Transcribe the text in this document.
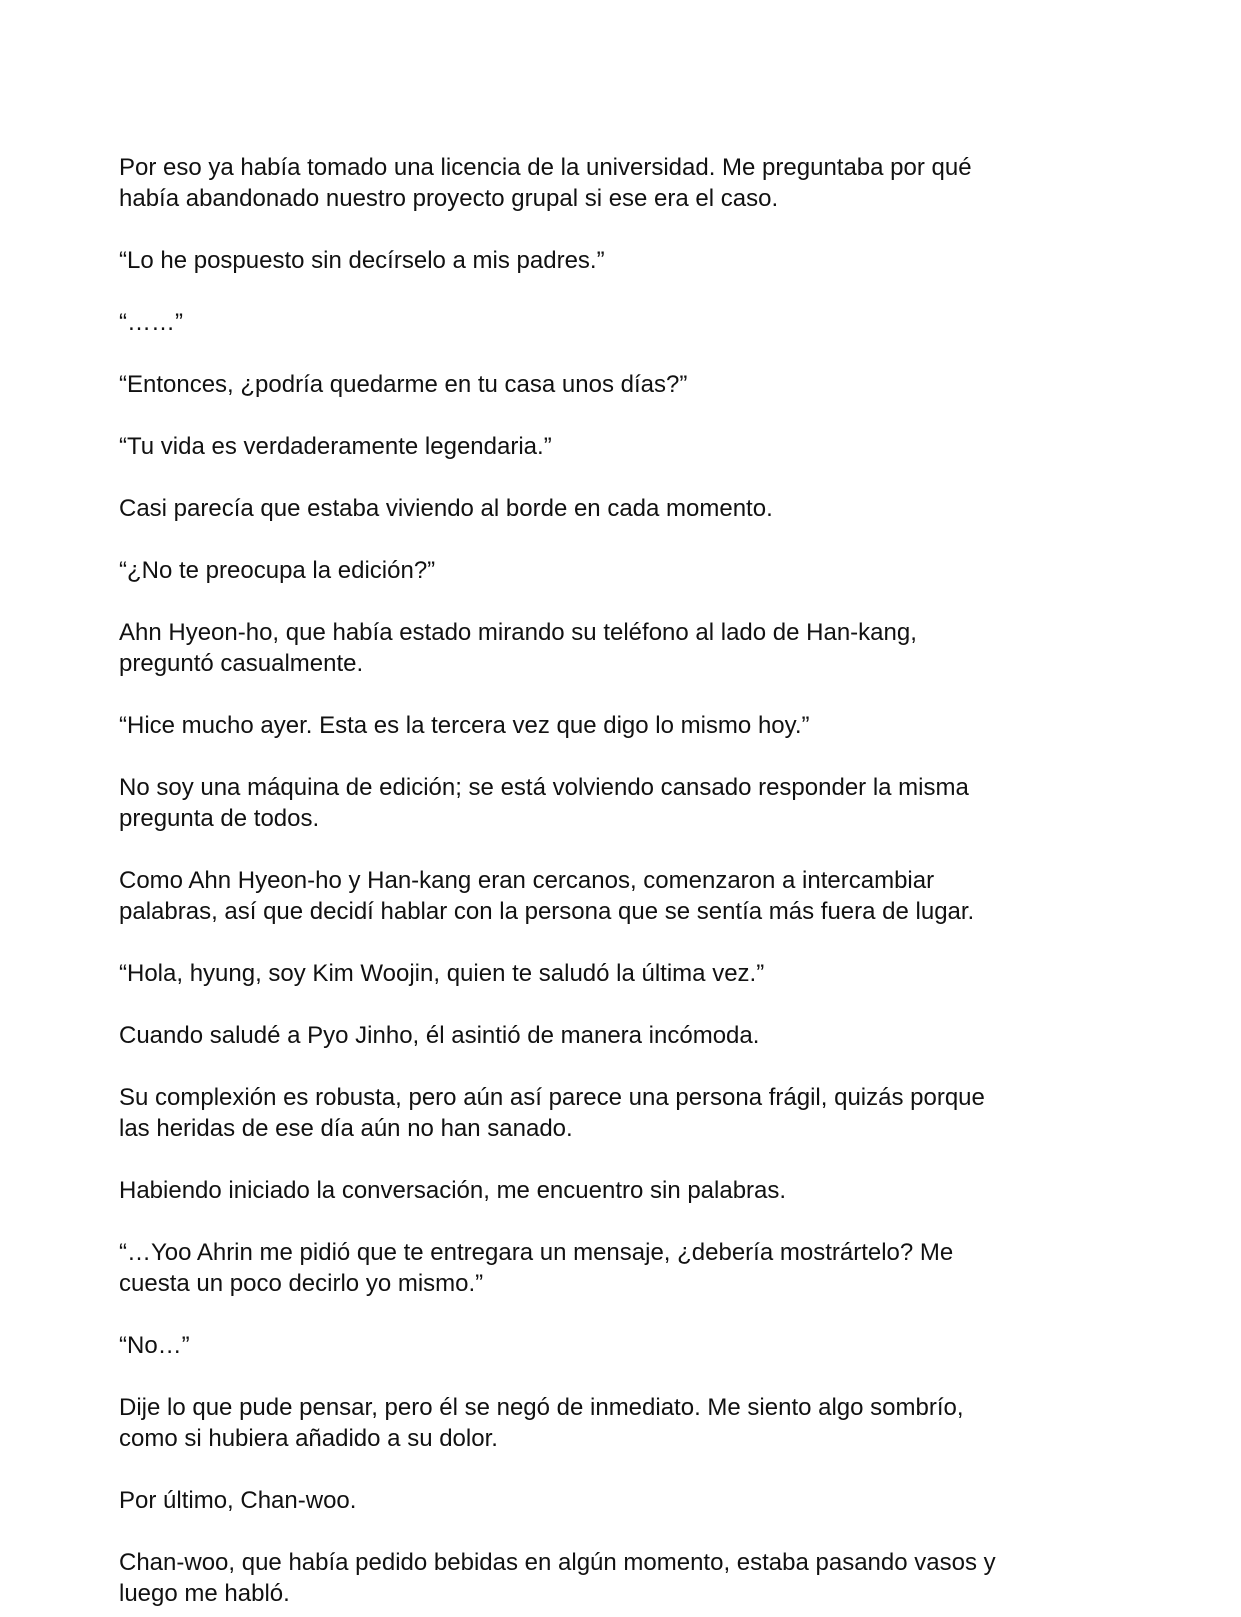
Por eso ya había tomado una licencia de la universidad. Me preguntaba por qué
había abandonado nuestro proyecto grupal si ese era el caso.

“Lo he pospuesto sin decírselo a mis padres.”

“……”

“Entonces, ¿podría quedarme en tu casa unos días?”

“Tu vida es verdaderamente legendaria.”

Casi parecía que estaba viviendo al borde en cada momento.

“¿No te preocupa la edición?”

Ahn Hyeon-ho, que había estado mirando su teléfono al lado de Han-kang,
preguntó casualmente.

“Hice mucho ayer. Esta es la tercera vez que digo lo mismo hoy.”

No soy una máquina de edición; se está volviendo cansado responder la misma
pregunta de todos.

Como Ahn Hyeon-ho y Han-kang eran cercanos, comenzaron a intercambiar
palabras, así que decidí hablar con la persona que se sentía más fuera de lugar.

“Hola, hyung, soy Kim Woojin, quien te saludó la última vez.”

Cuando saludé a Pyo Jinho, él asintió de manera incómoda.

Su complexión es robusta, pero aún así parece una persona frágil, quizás porque
las heridas de ese día aún no han sanado.

Habiendo iniciado la conversación, me encuentro sin palabras.

“…Yoo Ahrin me pidió que te entregara un mensaje, ¿debería mostrártelo? Me
cuesta un poco decirlo yo mismo.”

“No…”

Dije lo que pude pensar, pero él se negó de inmediato. Me siento algo sombrío,
como si hubiera añadido a su dolor.

Por último, Chan-woo.

Chan-woo, que había pedido bebidas en algún momento, estaba pasando vasos y
luego me habló.
